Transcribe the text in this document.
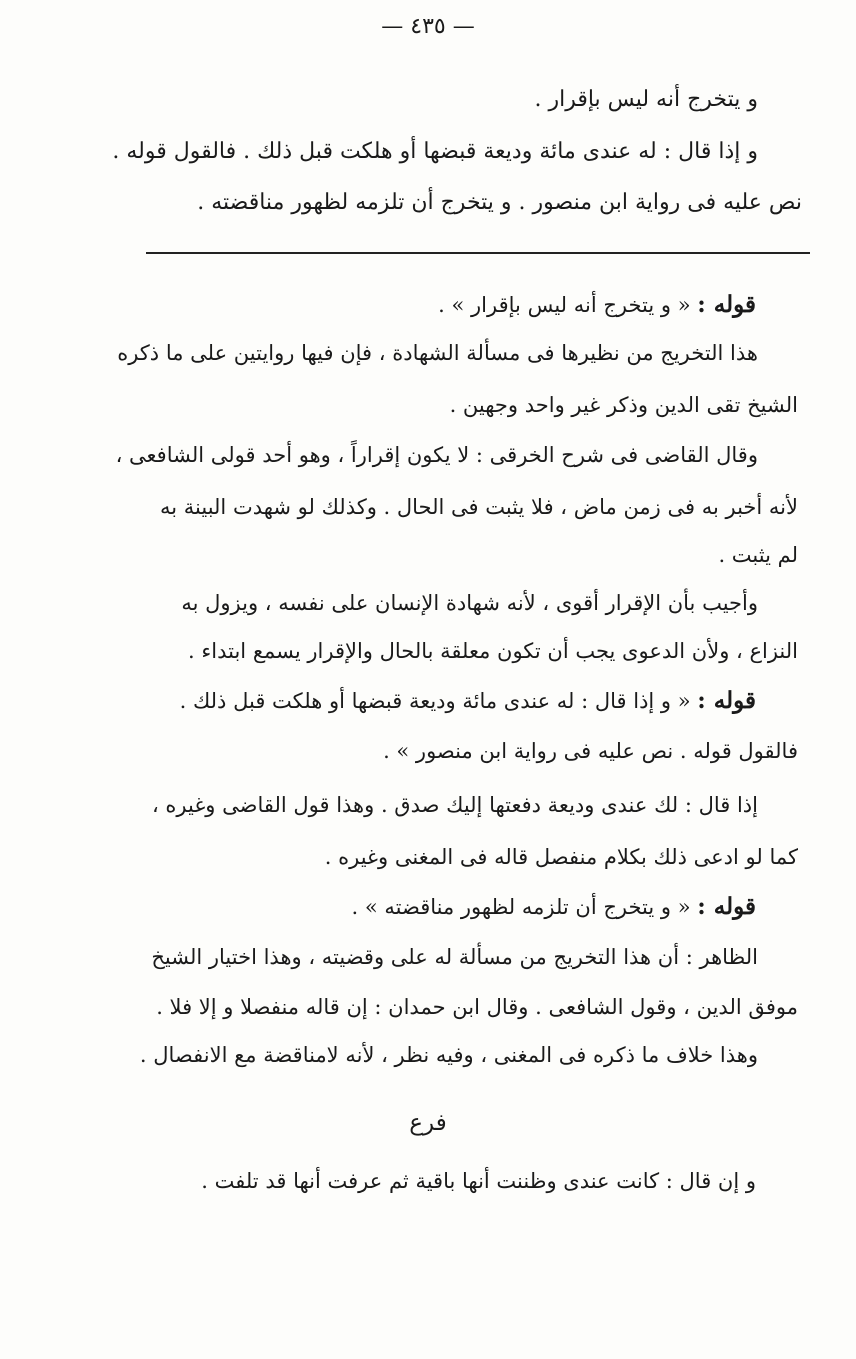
— ٤٣٥ —
و يتخرج أنه ليس بإقرار .
و إذا قال : له عندى مائة وديعة قبضها أو هلكت قبل ذلك . فالقول قوله .
نص عليه فى رواية ابن منصور . و يتخرج أن تلزمه لظهور مناقضته .
قوله : « و يتخرج أنه ليس بإقرار » .
هذا التخريج من نظيرها فى مسألة الشهادة ، فإن فيها روايتين على ما ذكره
الشيخ تقى الدين وذكر غير واحد وجهين .
وقال القاضى فى شرح الخرقى : لا يكون إقراراً ، وهو أحد قولى الشافعى ،
لأنه أخبر به فى زمن ماض ، فلا يثبت فى الحال . وكذلك لو شهدت البينة به
لم يثبت .
وأجيب بأن الإقرار أقوى ، لأنه شهادة الإنسان على نفسه ، ويزول به
النزاع ، ولأن الدعوى يجب أن تكون معلقة بالحال والإقرار يسمع ابتداء .
قوله : « و إذا قال : له عندى مائة وديعة قبضها أو هلكت قبل ذلك .
فالقول قوله . نص عليه فى رواية ابن منصور » .
إذا قال : لك عندى وديعة دفعتها إليك صدق . وهذا قول القاضى وغيره ،
كما لو ادعى ذلك بكلام منفصل قاله فى المغنى وغيره .
قوله : « و يتخرج أن تلزمه لظهور مناقضته » .
الظاهر : أن هذا التخريج من مسألة له على وقضيته ، وهذا اختيار الشيخ
موفق الدين ، وقول الشافعى . وقال ابن حمدان : إن قاله منفصلا و إلا فلا .
وهذا خلاف ما ذكره فى المغنى ، وفيه نظر ، لأنه لامناقضة مع الانفصال .
فرع
و إن قال : كانت عندى وظننت أنها باقية ثم عرفت أنها قد تلفت .
